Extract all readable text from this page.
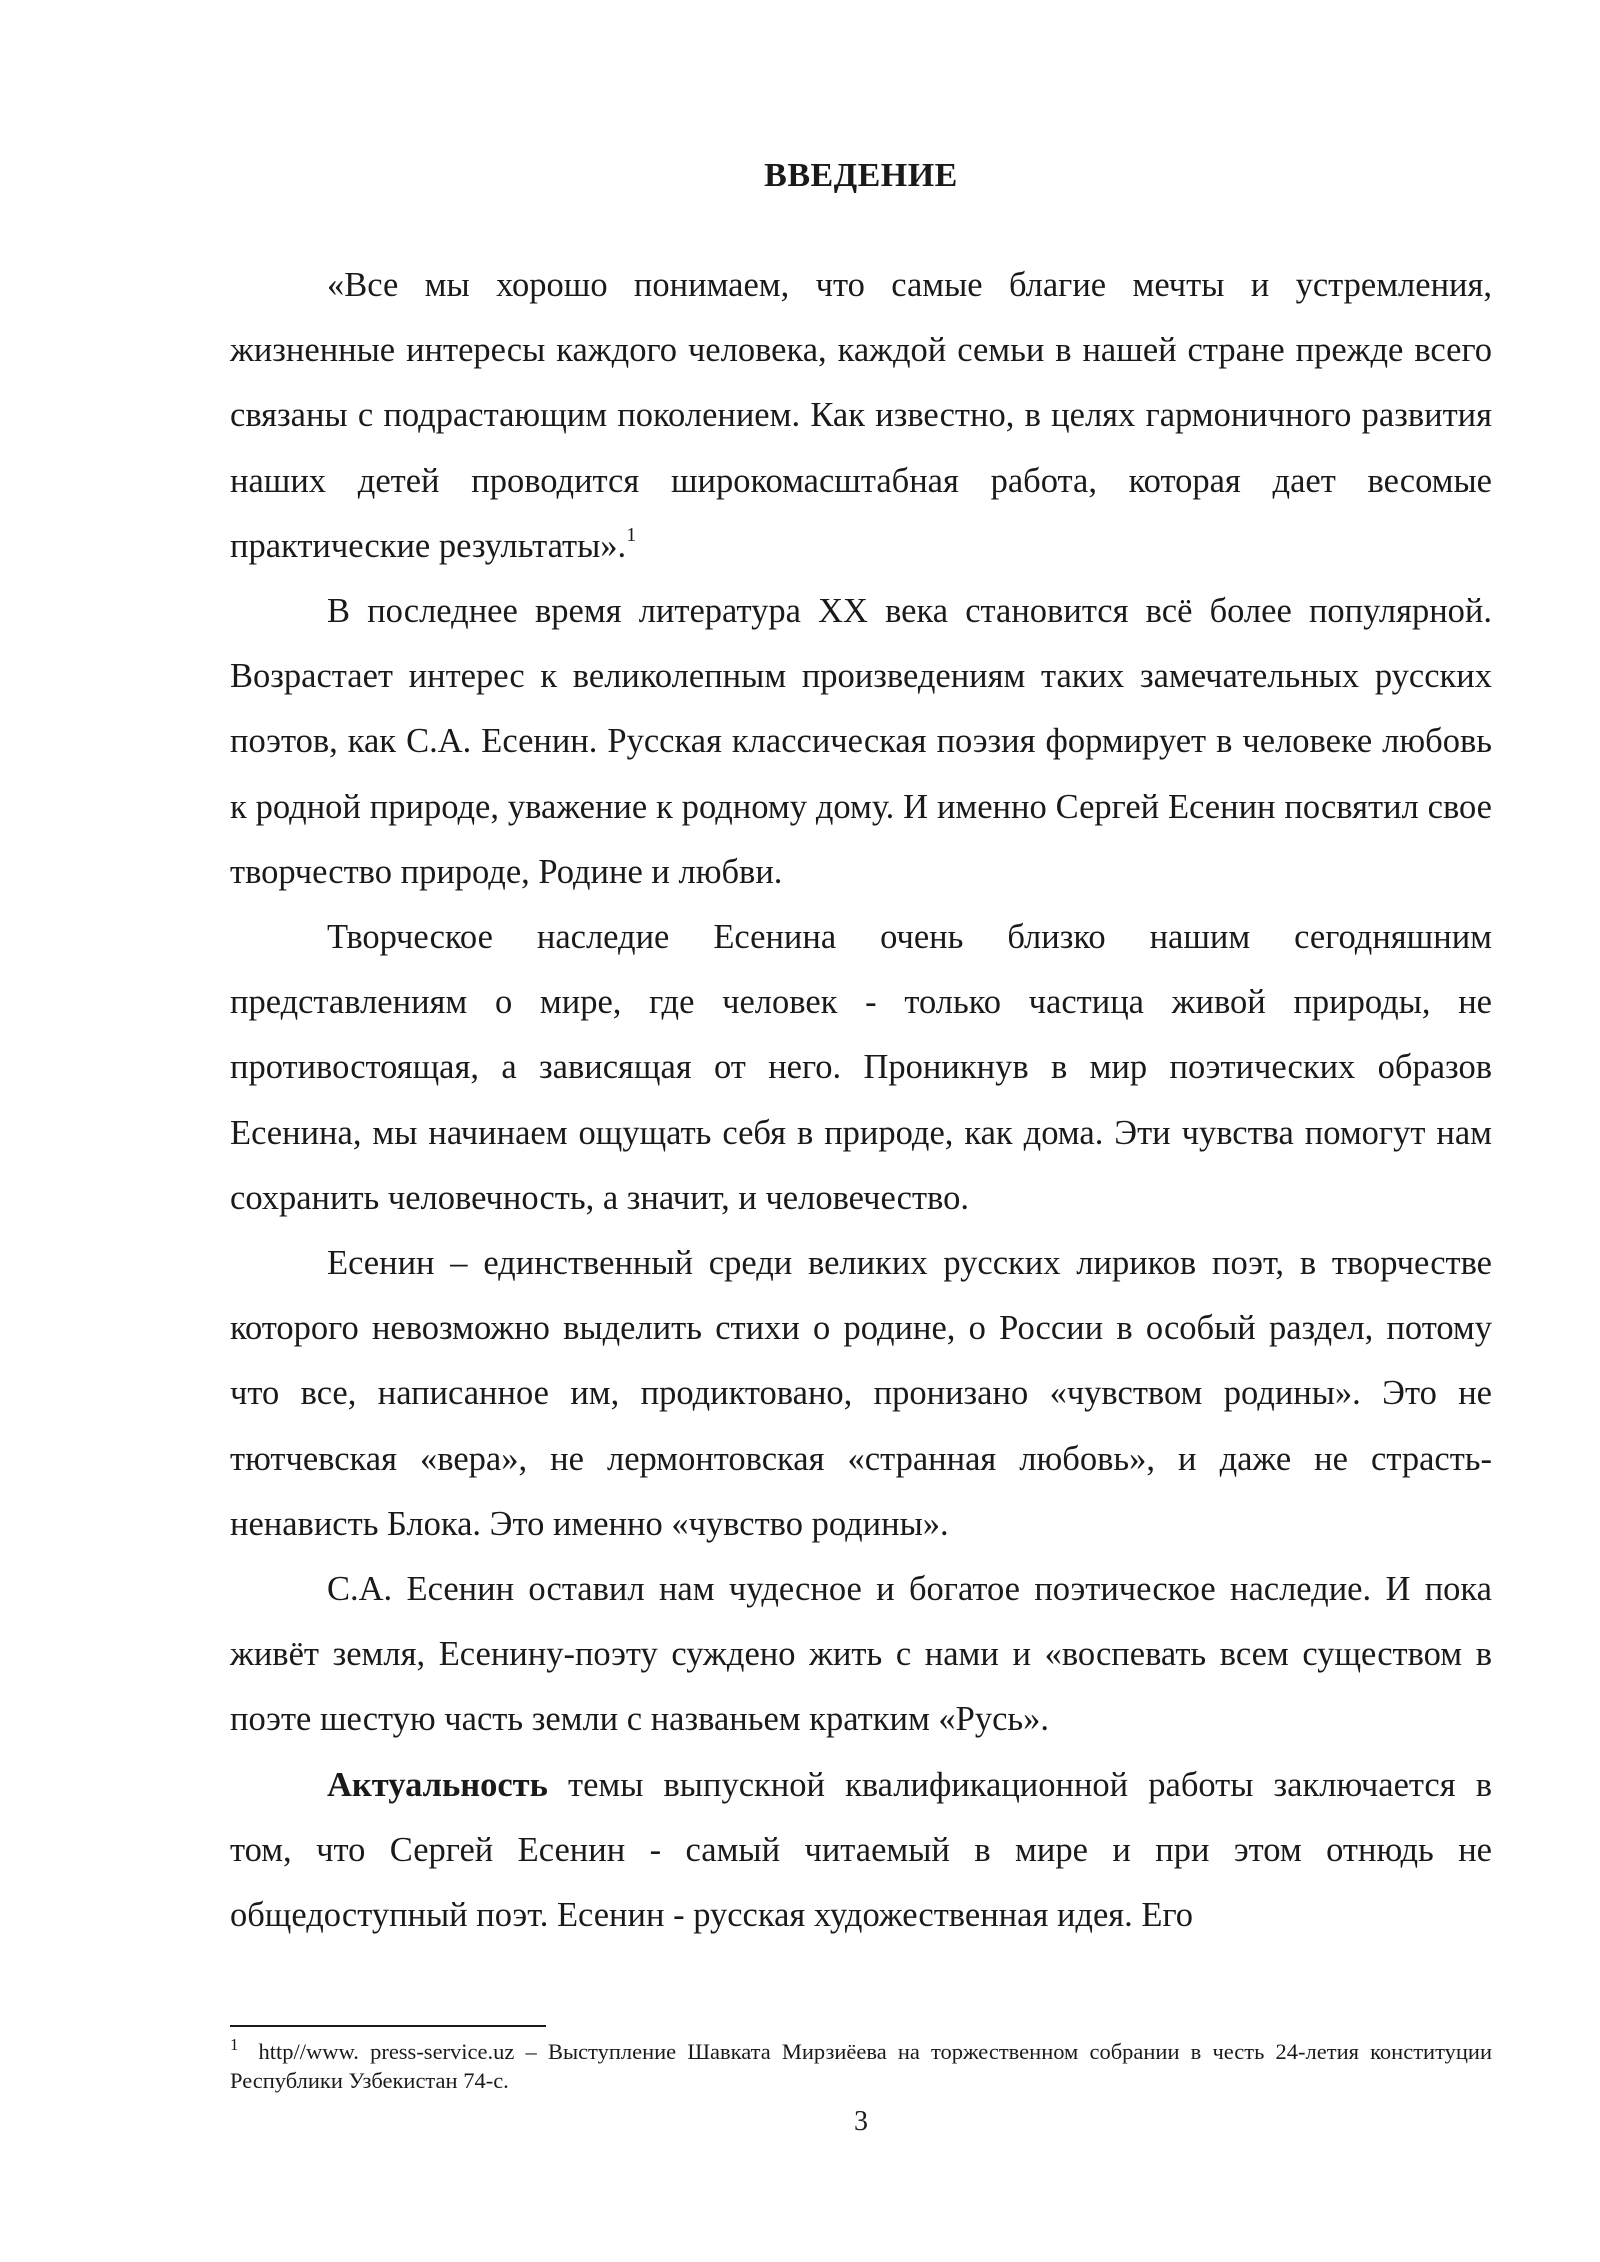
ВВЕДЕНИЕ

«Все мы хорошо понимаем, что самые благие мечты и устремления, жизненные интересы каждого человека, каждой семьи в нашей стране прежде всего связаны с подрастающим поколением. Как известно, в целях гармоничного развития наших детей проводится широкомасштабная работа, которая дает весомые практические результаты».$^1$

В последнее время литература XX века становится всё более популярной. Возрастает интерес к великолепным произведениям таких замечательных русских поэтов, как С.А. Есенин. Русская классическая поэзия формирует в человеке любовь к родной природе, уважение к родному дому. И именно Сергей Есенин посвятил свое творчество природе, Родине и любви.

Творческое наследие Есенина очень близко нашим сегодняшним представлениям о мире, где человек - только частица живой природы, не противостоящая, а зависящая от него. Проникнув в мир поэтических образов Есенина, мы начинаем ощущать себя в природе, как дома. Эти чувства помогут нам сохранить человечность, а значит, и человечество.

Есенин – единственный среди великих русских лириков поэт, в творчестве которого невозможно выделить стихи о родине, о России в особый раздел, потому что все, написанное им, продиктовано, пронизано «чувством родины». Это не тютчевская «вера», не лермонтовская «странная любовь», и даже не страсть-ненависть Блока. Это именно «чувство родины».

С.А. Есенин оставил нам чудесное и богатое поэтическое наследие. И пока живёт земля, Есенину-поэту суждено жить с нами и «воспевать всем существом в поэте шестую часть земли с названьем кратким «Русь».

Актуальность темы выпускной квалификационной работы заключается в том, что Сергей Есенин - самый читаемый в мире и при этом отнюдь не общедоступный поэт. Есенин - русская художественная идея. Его

$^1$ http//www. press-service.uz – Выступление Шавката Мирзиёева на торжественном собрании в честь 24-летия конституции Республики Узбекистан 74-с.
3
